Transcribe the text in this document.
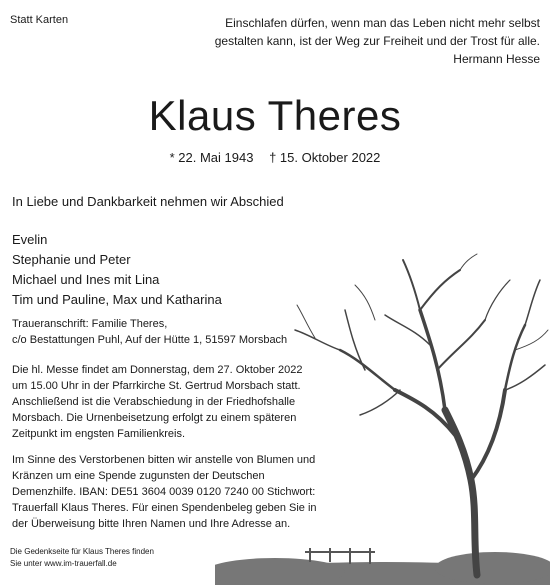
Statt Karten	Einschlafen dürfen, wenn man das Leben nicht mehr selbst
gestalten kann, ist der Weg zur Freiheit und der Trost für alle.
Hermann Hesse
Klaus Theres
* 22. Mai 1943 † 15. Oktober 2022
In Liebe und Dankbarkeit nehmen wir Abschied
Evelin
Stephanie und Peter
Michael und Ines mit Lina
Tim und Pauline, Max und Katharina
Traueranschrift: Familie Theres,
c/o Bestattungen Puhl, Auf der Hütte 1, 51597 Morsbach
Die hl. Messe findet am Donnerstag, dem 27. Oktober 2022
um 15.00 Uhr in der Pfarrkirche St. Gertrud Morsbach statt.
Anschließend ist die Verabschiedung in der Friedhofshalle
Morsbach. Die Urnenbeisetzung erfolgt zu einem späteren
Zeitpunkt im engsten Familienkreis.
Im Sinne des Verstorbenen bitten wir anstelle von Blumen und
Kränzen um eine Spende zugunsten der Deutschen
Demenzhilfe. IBAN: DE51 3604 0039 0120 7240 00 Stichwort:
Trauerfall Klaus Theres. Für einen Spendenbeleg geben Sie in
der Überweisung bitte Ihren Namen und Ihre Adresse an.
Die Gedenkseite für Klaus Theres finden
Sie unter www.im-trauerfall.de
